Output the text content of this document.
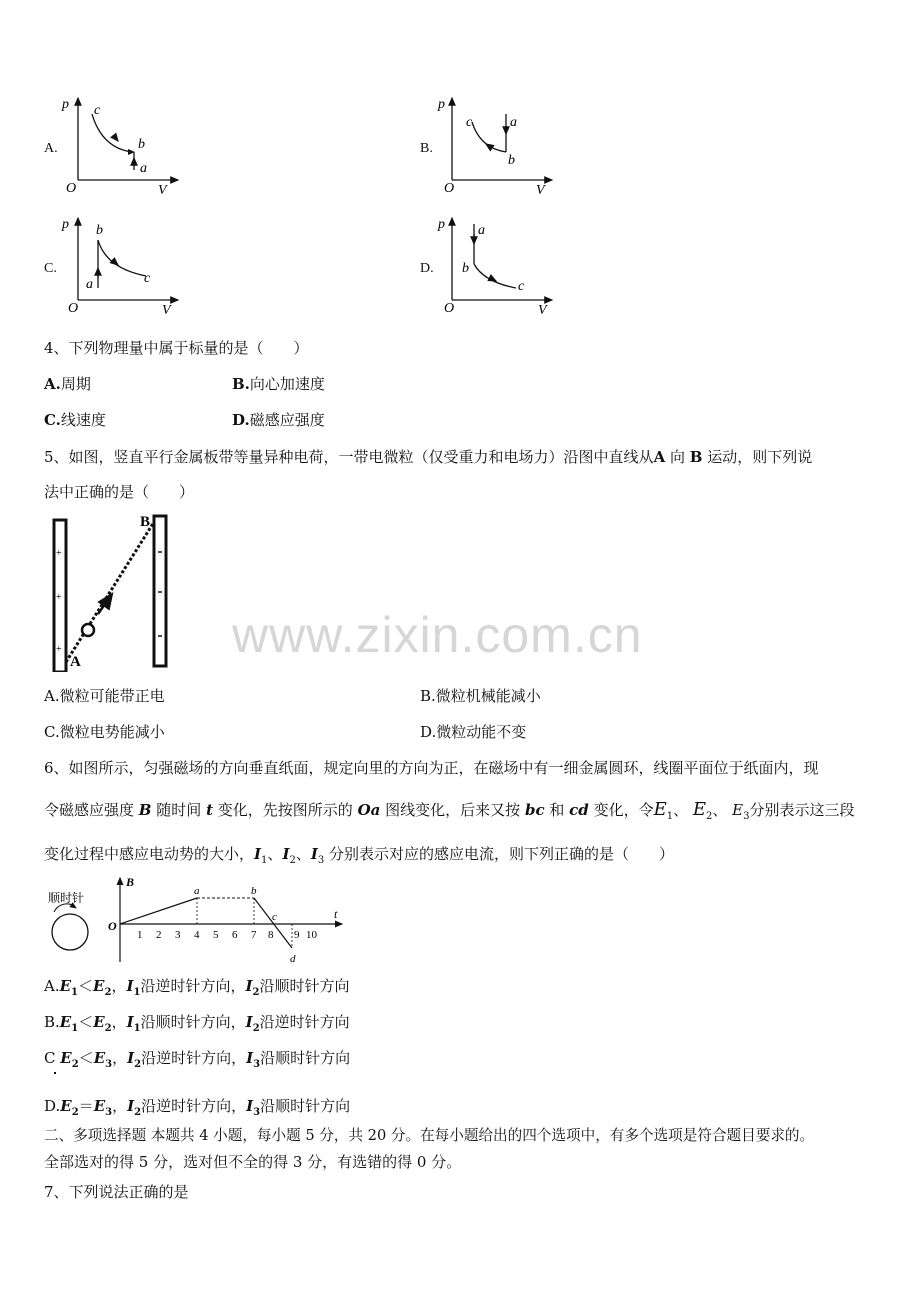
A.
p
V
O
c
b
a
B.
p
V
O
c	a
b
C.
p
V
O
b
a	c
D.
p
V
O
a
b
c
4、下列物理量中属于标量的是（　　）
A.周期	B.向心加速度
C.线速度	D.磁感应强度
5、如图，竖直平行金属板带等量异种电荷，一带电微粒（仅受重力和电场力）沿图中直线从A 向 B 运动，则下列说
法中正确的是（　　）
+
+
+
A
B
www.zixin.com.cn
A.微粒可能带正电	B.微粒机械能减小
C.微粒电势能减小	D.微粒动能不变
6、如图所示，匀强磁场的方向垂直纸面，规定向里的方向为正，在磁场中有一细金属圆环，线圈平面位于纸面内，现
令磁感应强度 B 随时间 t 变化，先按图所示的 Oa 图线变化，后来又按 bc 和 cd 变化，令$E_1$、 $E_2$、 $E_3$分别表示这三段
变化过程中感应电动势的大小，$I_1$、$I_2$、$I_3$ 分别表示对应的感应电流，则下列正确的是（　　）
顺时针
B
O
t
1 2 3 4 5 6 7 8 9 10
a	b
c
d
$A.E_1<E_2$，$I_1$沿逆时针方向，$I_2$沿顺时针方向
$B.E_1<E_2$，$I_1$沿顺时针方向，$I_2$沿逆时针方向
C $E_2<E_3$，$I_2$沿逆时针方向，$I_3$沿顺时针方向
$D.E_2=E_3$，$I_2$沿逆时针方向，$I_3$沿顺时针方向
二、多项选择题 本题共 4 小题，每小题 5 分，共 20 分。在每小题给出的四个选项中，有多个选项是符合题目要求的。
全部选对的得 5 分，选对但不全的得 3 分，有选错的得 0 分。
7、下列说法正确的是
